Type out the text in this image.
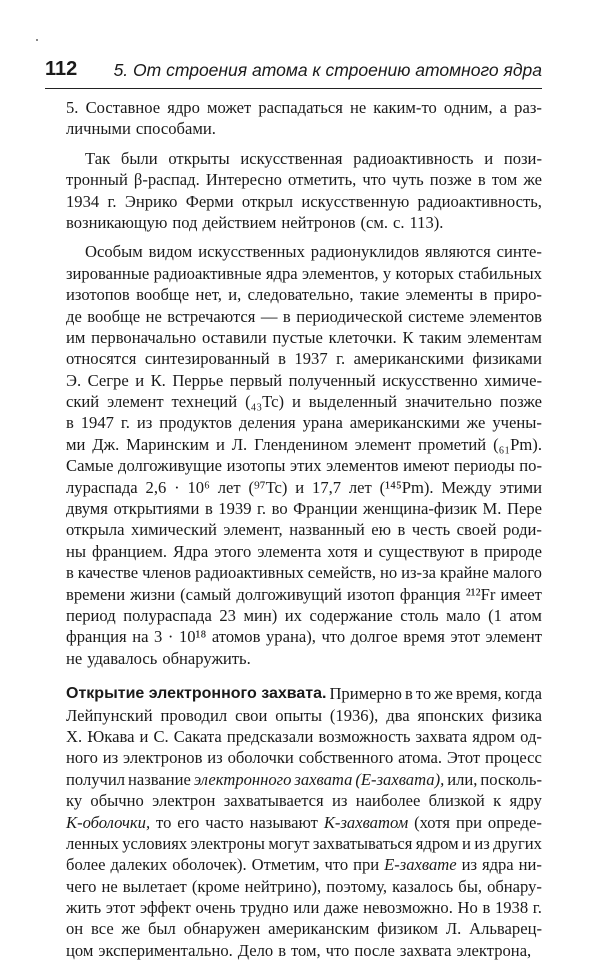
112 5. От строения атома к строению атомного ядра
5. Составное ядро может распадаться не каким-то одним, а раз-
личными способами.
Так были открыты искусственная радиоактивность и пози-
тронный β-распад. Интересно отметить, что чуть позже в том же
1934 г. Энрико Ферми открыл искусственную радиоактивность,
возникающую под действием нейтронов (см. с. 113).
Особым видом искусственных радионуклидов являются синте-
зированные радиоактивные ядра элементов, у которых стабильных
изотопов вообще нет, и, следовательно, такие элементы в приро-
де вообще не встречаются — в периодической системе элементов
им первоначально оставили пустые клеточки. К таким элементам
относятся синтезированный в 1937 г. американскими физиками
Э. Сегре и К. Перрье первый полученный искусственно химиче-
ский элемент технеций (₄₃Tc) и выделенный значительно позже
в 1947 г. из продуктов деления урана американскими же учены-
ми Дж. Маринским и Л. Гленденином элемент прометий (₆₁Pm).
Самые долгоживущие изотопы этих элементов имеют периоды по-
лураспада 2,6 · 10⁶ лет (⁹⁷Tc) и 17,7 лет (¹⁴⁵Pm). Между этими
двумя открытиями в 1939 г. во Франции женщина-физик М. Пере
открыла химический элемент, названный ею в честь своей роди-
ны францием. Ядра этого элемента хотя и существуют в природе
в качестве членов радиоактивных семейств, но из-за крайне малого
времени жизни (самый долгоживущий изотоп франция ²¹²Fr имеет
период полураспада 23 мин) их содержание столь мало (1 атом
франция на 3 · 10¹⁸ атомов урана), что долгое время этот элемент
не удавалось обнаружить.
Открытие электронного захвата. Примерно в то же время, когда
Лейпунский проводил свои опыты (1936), два японских физика
Х. Юкава и С. Саката предсказали возможность захвата ядром од-
ного из электронов из оболочки собственного атома. Этот процесс
получил название электронного захвата (E-захвата), или, посколь-
ку обычно электрон захватывается из наиболее близкой к ядру
K-оболочки, то его часто называют K-захватом (хотя при опреде-
ленных условиях электроны могут захватываться ядром и из других
более далеких оболочек). Отметим, что при E-захвате из ядра ни-
чего не вылетает (кроме нейтрино), поэтому, казалось бы, обнару-
жить этот эффект очень трудно или даже невозможно. Но в 1938 г.
он все же был обнаружен американским физиком Л. Альварец-
цом экспериментально. Дело в том, что после захвата электрона,
